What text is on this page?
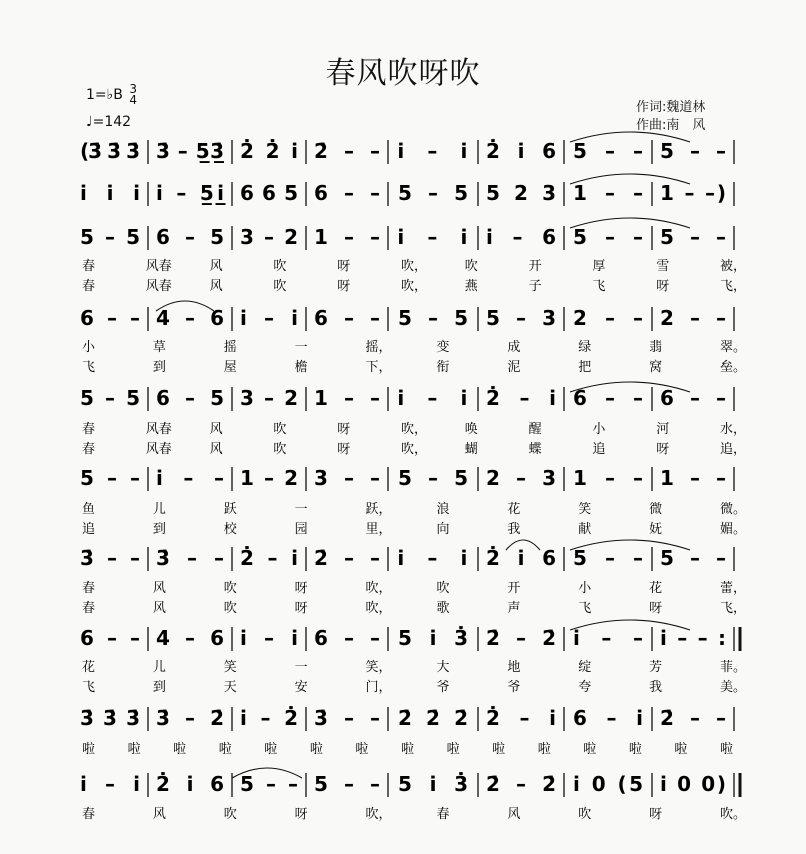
春风吹呀吹
1=♭B 3
4
♩=142
作词:魏道林
作曲:南　风
(3̇ 3̇ 3̇ 3̇ – 5̲3̲̇ 2̇ 2̇ i̇ 2̇ – – i̇ – i̇ 2̇ i̇ 6 5 – – 5 – –
i̇ i̇ i̇ i̇ – 5̲i̲̇ 6 6 5 6 – – 5 – 5 5 2 3 1 – – 1 – –)
5 – 5 6 – 5 3 – 2 1 – – i̇ – i̇ i̇ – 6 5 – – 5 – –
春	风春	风	吹	呀	吹，	吹	开	厚	雪	被，
春	风春	风	吹	呀	吹，	燕	子	飞	呀	飞，
6 – – 4 – 6 i̇ – i̇ 6 – – 5 – 5 5 – 3 2 – – 2 – –
小	草	摇	一	摇，	变	成	绿	翡	翠。
飞	到	屋	檐	下，	衔	泥	把	窝	垒。
5 – 5 6 – 5 3 – 2 1 – – i̇ – i̇ 2̇ – i̇ 6 – – 6 – –
春	风春	风	吹	呀	吹，	唤	醒	小	河	水，
春	风春	风	吹	呀	吹，	蝴	蝶	追	呀	追，
5 – – i̇ – – 1 – 2 3 – – 5 – 5 2 – 3 1 – – 1 – –
鱼	儿	跃	一	跃，	浪	花	笑	微	微。
追	到	校	园	里，	向	我	献	妩	媚。
3̇ – – 3̇ – – 2̇ – i̇ 2̇ – – i̇ – i̇ 2̇ i̇ 6 5 – – 5 – –
春	风	吹	呀	吹，	吹	开	小	花	蕾，
春	风	吹	呀	吹，	歌	声	飞	呀	飞，
6 – – 4 – 6 i̇ – i̇ 6 – – 5 i̇ 3̇ 2̇ – 2̇ i̇ – – i̇ – – :
花	儿	笑	一	笑，	大	地	绽	芳	菲。
飞	到	天	安	门，	爷	爷	夸	我	美。
3̇ 3̇ 3̇ 3̇ – 2̇ i̇ – 2̇ 3̇ – – 2̇ 2̇ 2̇ 2̇ – i̇ 6 – i̇ 2̇ – –
啦	啦	啦	啦	啦	啦	啦	啦	啦	啦	啦	啦	啦	啦	啦
i̇ – i̇ 2̇ i̇ 6 5 – – 5 – – 5 i̇ 3̇ 2̇ – 2̇ i̇ 0 (5 i̇ 0 0)
春	风	吹	呀	吹，	春	风	吹	呀	吹。
